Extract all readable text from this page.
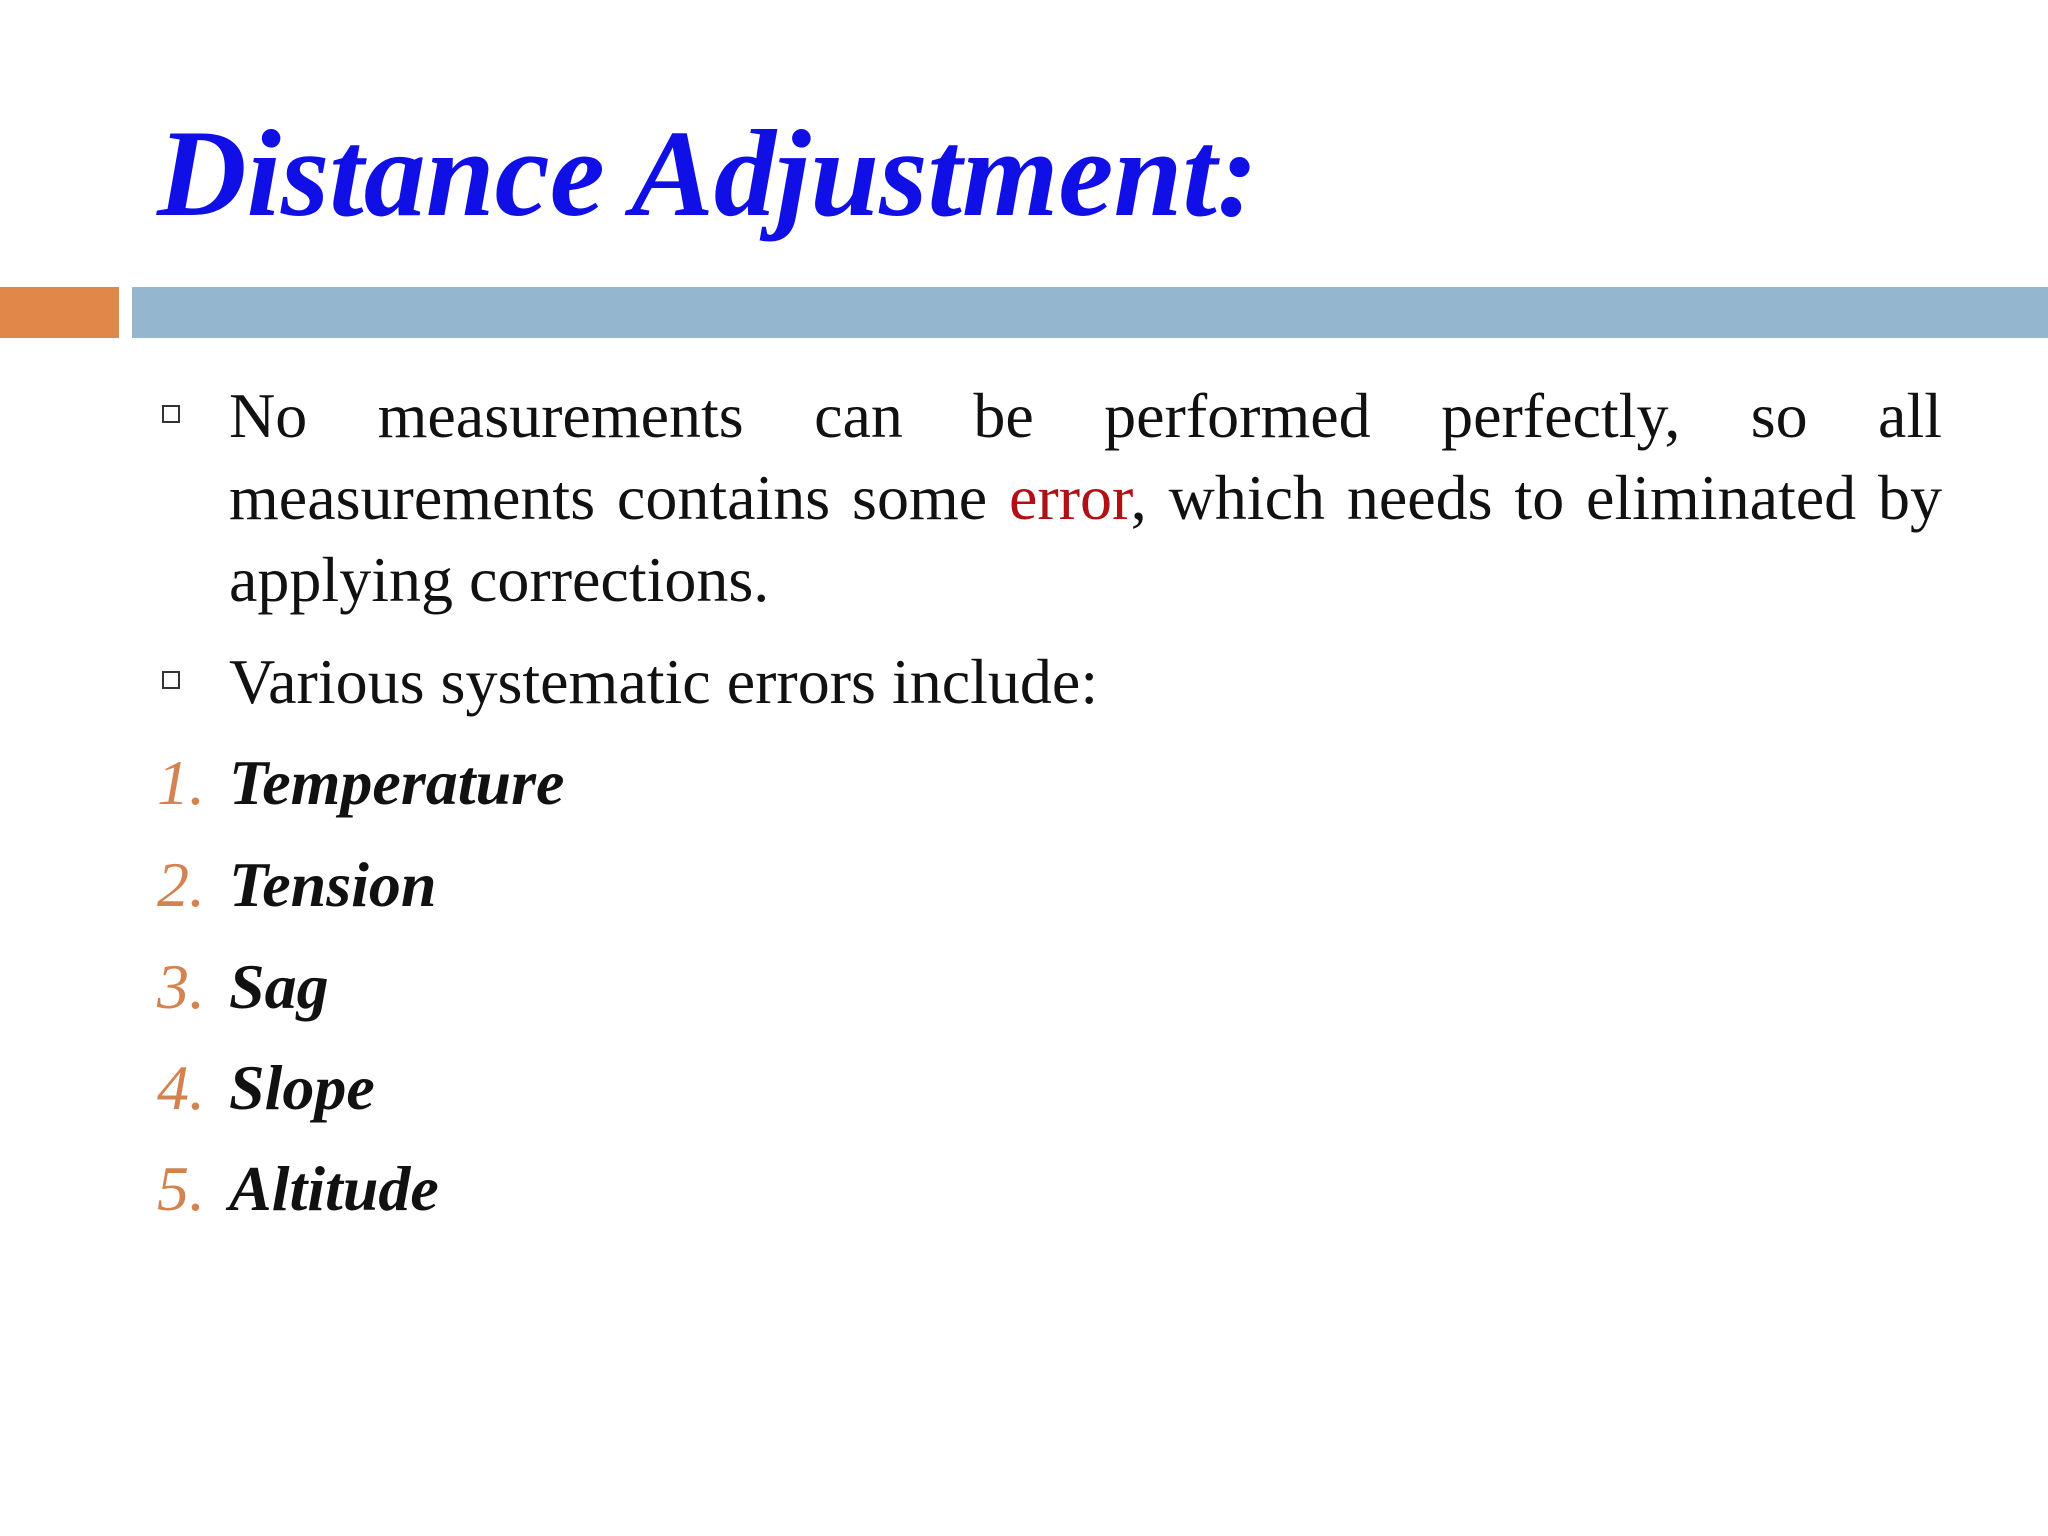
Distance Adjustment:
No measurements can be performed perfectly, so all measurements contains some error, which needs to eliminated by applying corrections.
Various systematic errors include:
1. Temperature
2. Tension
3. Sag
4. Slope
5. Altitude
